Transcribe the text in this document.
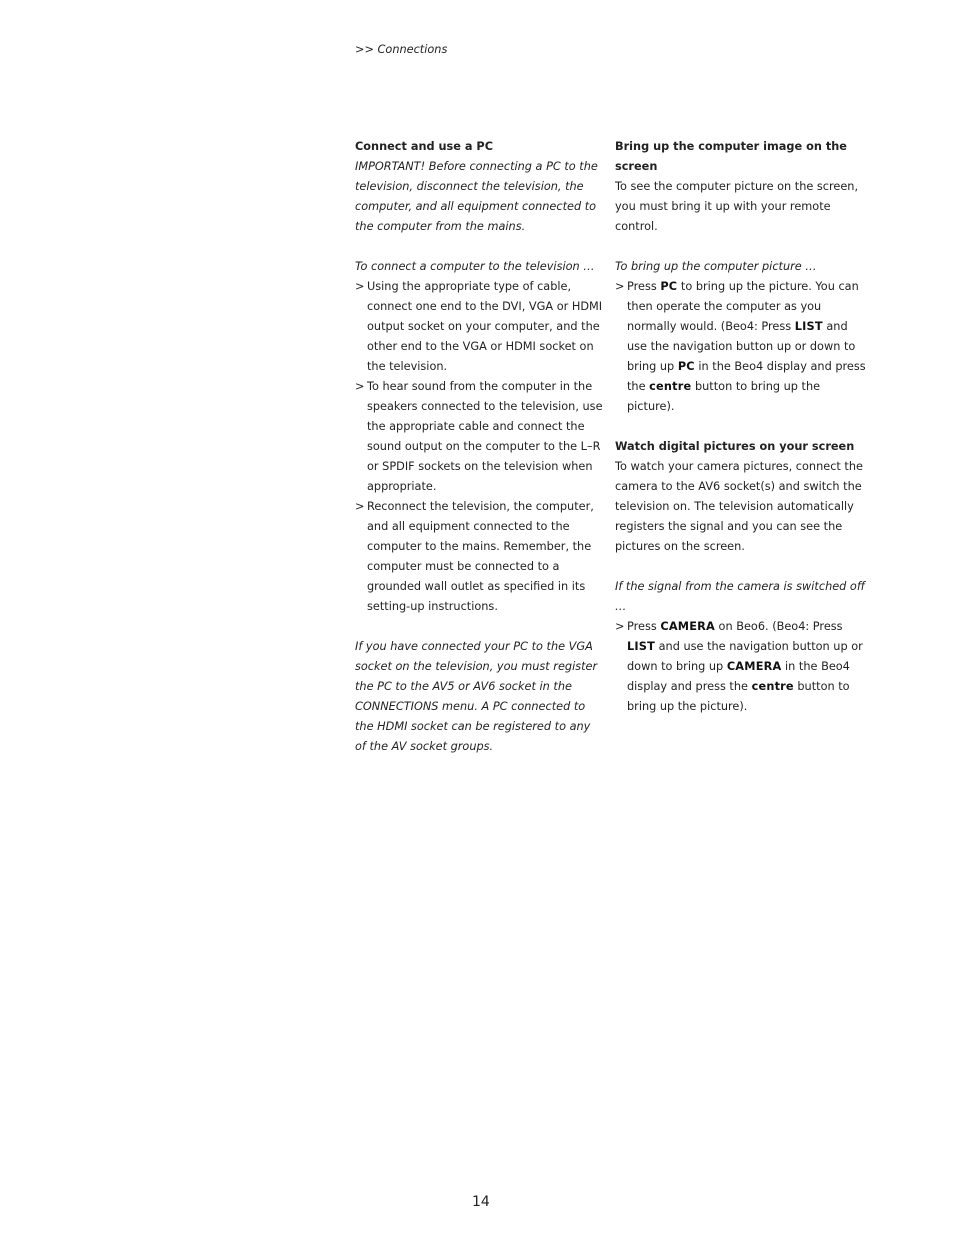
>> Connections

Connect and use a PC

IMPORTANT! Before connecting a PC to the television, disconnect the television, the computer, and all equipment connected to the computer from the mains.

To connect a computer to the television …

> Using the appropriate type of cable, connect one end to the DVI, VGA or HDMI output socket on your computer, and the other end to the VGA or HDMI socket on the television.
> To hear sound from the computer in the speakers connected to the television, use the appropriate cable and connect the sound output on the computer to the L–R or SPDIF sockets on the television when appropriate.
> Reconnect the television, the computer, and all equipment connected to the computer to the mains. Remember, the computer must be connected to a grounded wall outlet as specified in its setting-up instructions.

If you have connected your PC to the VGA socket on the television, you must register the PC to the AV5 or AV6 socket in the CONNECTIONS menu. A PC connected to the HDMI socket can be registered to any of the AV socket groups.

Bring up the computer image on the screen

To see the computer picture on the screen, you must bring it up with your remote control.

To bring up the computer picture …

> Press PC to bring up the picture. You can then operate the computer as you normally would. (Beo4: Press LIST and use the navigation button up or down to bring up PC in the Beo4 display and press the centre button to bring up the picture).

Watch digital pictures on your screen

To watch your camera pictures, connect the camera to the AV6 socket(s) and switch the television on. The television automatically registers the signal and you can see the pictures on the screen.

If the signal from the camera is switched off …

> Press CAMERA on Beo6. (Beo4: Press LIST and use the navigation button up or down to bring up CAMERA in the Beo4 display and press the centre button to bring up the picture).
14
